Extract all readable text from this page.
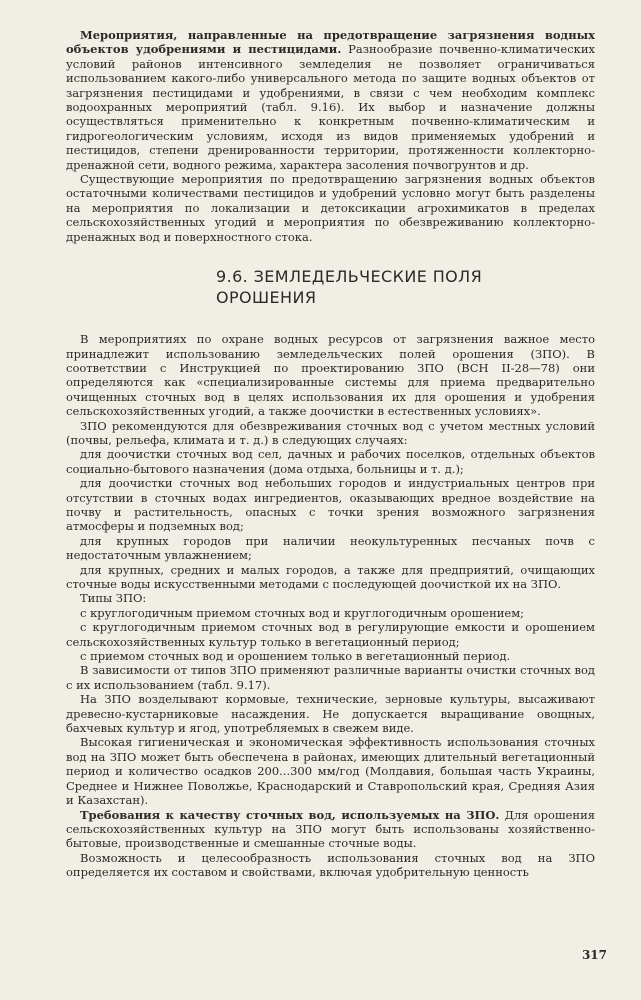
Мероприятия, направленные на предотвращение загрязнения водных объектов удобрениями и пестицидами. Разнообразие почвенно-климатических условий районов интенсивного земледелия не позволяет ограничиваться использованием какого-либо универсального метода по защите водных объектов от загрязнения пестицидами и удобрениями, в связи с чем необходим комплекс водоохранных мероприятий (табл. 9.16). Их выбор и назначение должны осуществляться применительно к конкретным почвенно-климатическим и гидрогеологическим условиям, исходя из видов применяемых удобрений и пестицидов, степени дренированности территории, протяженности коллекторно-дренажной сети, водного режима, характера засоления почвогрунтов и др.

Существующие мероприятия по предотвращению загрязнения водных объектов остаточными количествами пестицидов и удобрений условно могут быть разделены на мероприятия по локализации и детоксикации агрохимикатов в пределах сельскохозяйственных угодий и мероприятия по обезвреживанию коллекторно-дренажных вод и поверхностного стока.

9.6. ЗЕМЛЕДЕЛЬЧЕСКИЕ ПОЛЯ
ОРОШЕНИЯ

В мероприятиях по охране водных ресурсов от загрязнения важное место принадлежит использованию земледельческих полей орошения (ЗПО). В соответствии с Инструкцией по проектированию ЗПО (ВСН II-28—78) они определяются как «специализированные системы для приема предварительно очищенных сточных вод в целях использования их для орошения и удобрения сельскохозяйственных угодий, а также доочистки в естественных условиях».

ЗПО рекомендуются для обезвреживания сточных вод с учетом местных условий (почвы, рельефа, климата и т. д.) в следующих случаях:

для доочистки сточных вод сел, дачных и рабочих поселков, отдельных объектов социально-бытового назначения (дома отдыха, больницы и т. д.);

для доочистки сточных вод небольших городов и индустриальных центров при отсутствии в сточных водах ингредиентов, оказывающих вредное воздействие на почву и растительность, опасных с точки зрения возможного загрязнения атмосферы и подземных вод;

для крупных городов при наличии неокультуренных песчаных почв с недостаточным увлажнением;

для крупных, средних и малых городов, а также для предприятий, очищающих сточные воды искусственными методами с последующей доочисткой их на ЗПО.

Типы ЗПО:

с круглогодичным приемом сточных вод и круглогодичным орошением;

с круглогодичным приемом сточных вод в регулирующие емкости и орошением сельскохозяйственных культур только в вегетационный период;

с приемом сточных вод и орошением только в вегетационный период.

В зависимости от типов ЗПО применяют различные варианты очистки сточных вод с их использованием (табл. 9.17).

На ЗПО возделывают кормовые, технические, зерновые культуры, высаживают древесно-кустарниковые насаждения. Не допускается выращивание овощных, бахчевых культур и ягод, употребляемых в свежем виде.

Высокая гигиеническая и экономическая эффективность использования сточных вод на ЗПО может быть обеспечена в районах, имеющих длительный вегетационный период и количество осадков 200...300 мм/год (Молдавия, большая часть Украины, Среднее и Нижнее Поволжье, Краснодарский и Ставропольский края, Средняя Азия и Казахстан).

Требования к качеству сточных вод, используемых на ЗПО. Для орошения сельскохозяйственных культур на ЗПО могут быть использованы хозяйственно-бытовые, производственные и смешанные сточные воды.

Возможность и целесообразность использования сточных вод на ЗПО определяется их составом и свойствами, включая удобрительную ценность

317
